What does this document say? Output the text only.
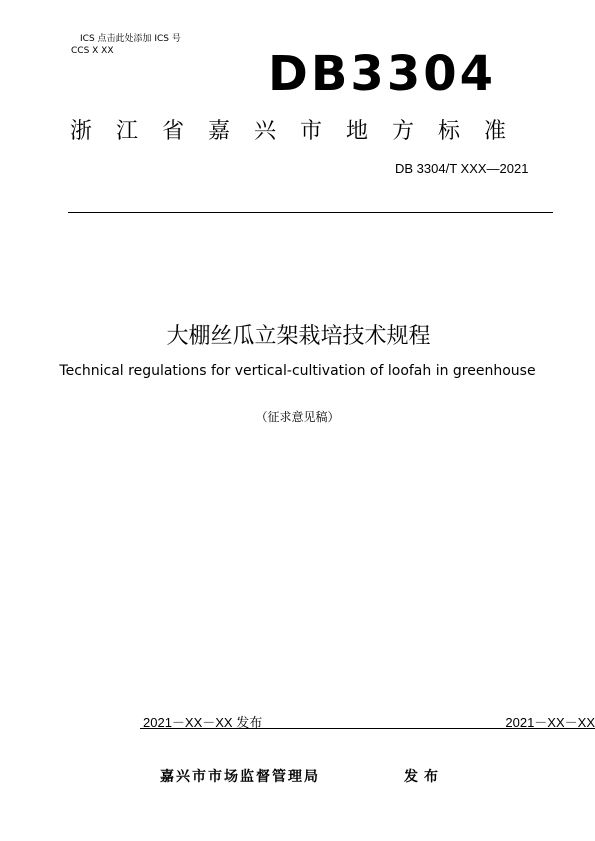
ICS 点击此处添加 ICS 号
CCS X XX	DB3304
浙江省嘉兴市地方标准
DB 3304/T XXX—2021
大棚丝瓜立架栽培技术规程
Technical regulations for vertical-cultivation of loofah in greenhouse
（征求意见稿）
2021－XX－XX 发布	2021－XX－XX
嘉兴市市场监督管理局	发布
